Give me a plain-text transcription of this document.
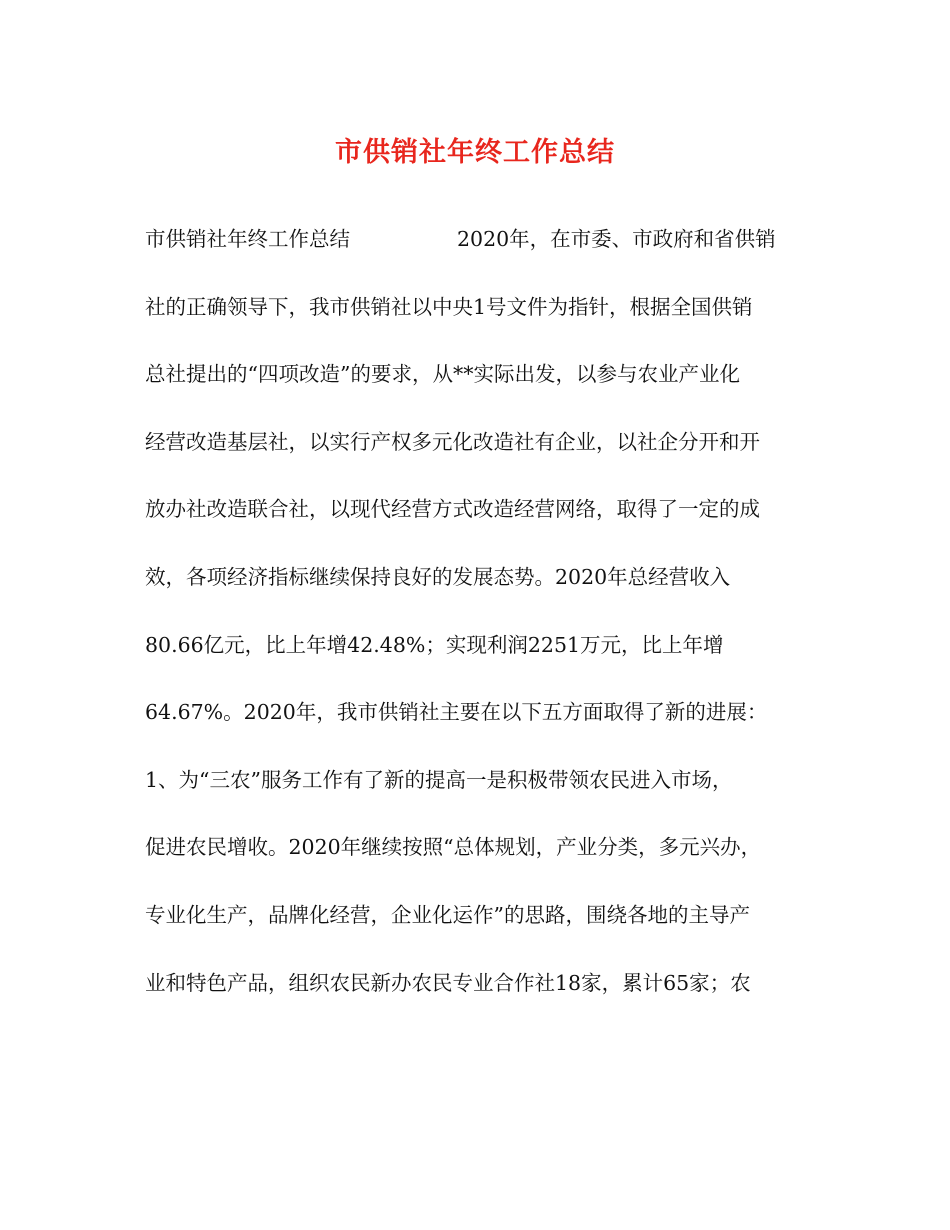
市供销社年终工作总结
市供销社年终工作总结	2020年，在市委、市政府和省供销
社的正确领导下，我市供销社以中央1号文件为指针，根据全国供销
总社提出的“四项改造”的要求，从**实际出发，以参与农业产业化
经营改造基层社，以实行产权多元化改造社有企业，以社企分开和开
放办社改造联合社，以现代经营方式改造经营网络，取得了一定的成
效，各项经济指标继续保持良好的发展态势。2020年总经营收入
80.66亿元，比上年增42.48%；实现利润2251万元，比上年增
64.67%。2020年，我市供销社主要在以下五方面取得了新的进展：
1、为“三农”服务工作有了新的提高一是积极带领农民进入市场，
促进农民增收。2020年继续按照“总体规划，产业分类，多元兴办，
专业化生产，品牌化经营，企业化运作”的思路，围绕各地的主导产
业和特色产品，组织农民新办农民专业合作社18家，累计65家；农
